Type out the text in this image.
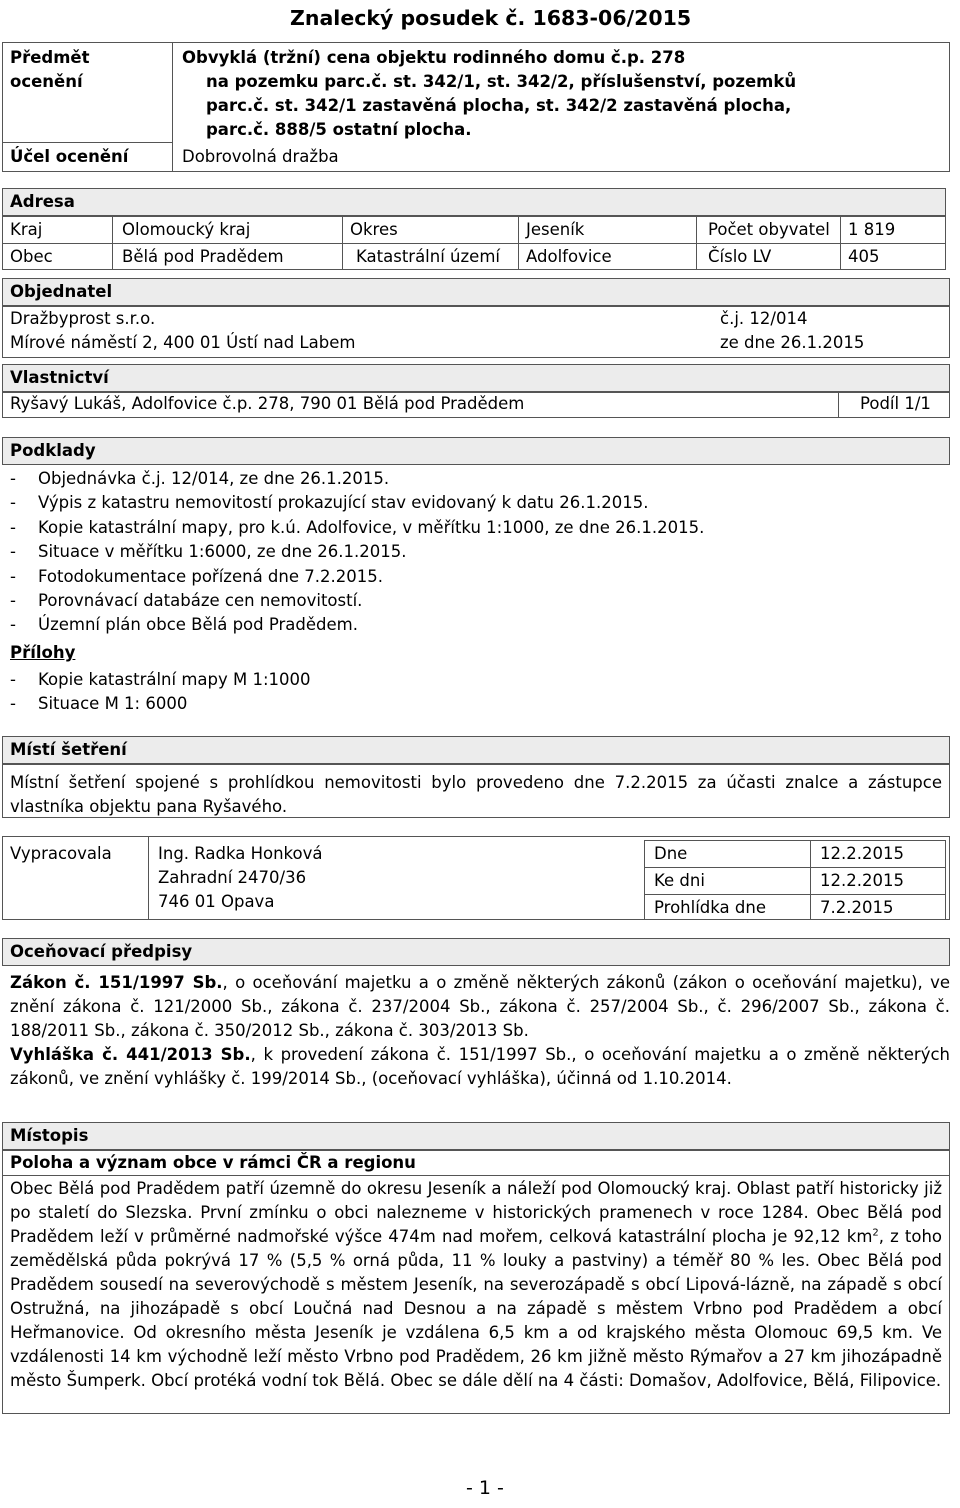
Znalecký posudek č. 1683-06/2015
Předmět ocenění
Obvyklá (tržní) cena objektu rodinného domu č.p. 278
na pozemku parc.č. st. 342/1, st. 342/2, příslušenství, pozemků
parc.č. st. 342/1 zastavěná plocha, st. 342/2 zastavěná plocha,
parc.č. 888/5 ostatní plocha.
Účel ocenění	Dobrovolná dražba
Adresa
Kraj	Olomoucký kraj	Okres	Jeseník	Počet obyvatel 1 819
Obec	Bělá pod Pradědem	Katastrální území Adolfovice	Číslo LV	405
Objednatel
Dražbyprost s.r.o.
Mírové náměstí 2, 400 01 Ústí nad Labem
č.j. 12/014
ze dne 26.1.2015
Vlastnictví
Ryšavý Lukáš, Adolfovice č.p. 278, 790 01 Bělá pod Pradědem	Podíl 1/1
Podklady
- Objednávka č.j. 12/014, ze dne 26.1.2015.
- Výpis z katastru nemovitostí prokazující stav evidovaný k datu 26.1.2015.
- Kopie katastrální mapy, pro k.ú. Adolfovice, v měřítku 1:1000, ze dne 26.1.2015.
- Situace v měřítku 1:6000, ze dne 26.1.2015.
- Fotodokumentace pořízená dne 7.2.2015.
- Porovnávací databáze cen nemovitostí.
- Územní plán obce Bělá pod Pradědem.
Přílohy
- Kopie katastrální mapy M 1:1000
- Situace M 1: 6000
Místí šetření
Místní šetření spojené s prohlídkou nemovitosti bylo provedeno dne 7.2.2015 za účasti znalce a zástupce vlastníka objektu pana Ryšavého.
Vypracovala	Ing. Radka Honková
Zahradní 2470/36
746 01 Opava
Dne	12.2.2015
Ke dni	12.2.2015
Prohlídka dne	7.2.2015
Oceňovací předpisy

Zákon č. 151/1997 Sb., o oceňování majetku a o změně některých zákonů (zákon o oceňování majetku), ve znění zákona č. 121/2000 Sb., zákona č. 237/2004 Sb., zákona č. 257/2004 Sb., č. 296/2007 Sb., zákona č. 188/2011 Sb., zákona č. 350/2012 Sb., zákona č. 303/2013 Sb.

Vyhláška č. 441/2013 Sb., k provedení zákona č. 151/1997 Sb., o oceňování majetku a o změně některých zákonů, ve znění vyhlášky č. 199/2014 Sb., (oceňovací vyhláška), účinná od 1.10.2014.

Místopis
Poloha a význam obce v rámci ČR a regionu
Obec Bělá pod Pradědem patří územně do okresu Jeseník a náleží pod Olomoucký kraj. Oblast patří historicky již po staletí do Slezska. První zmínku o obci nalezneme v historických pramenech v roce 1284. Obec Bělá pod Pradědem leží v průměrné nadmořské výšce 474m nad mořem, celková katastrální plocha je 92,12 $km^2$, z toho zemědělská půda pokrývá 17 % (5,5 % orná půda, 11 % louky a pastviny) a téměř 80 % les. Obec Bělá pod Pradědem sousedí na severovýchodě s městem Jeseník, na severozápadě s obcí Lipová-lázně, na západě s obcí Ostružná, na jihozápadě s obcí Loučná nad Desnou a na západě s městem Vrbno pod Pradědem a obcí Heřmanovice. Od okresního města Jeseník je vzdálena 6,5 km a od krajského města Olomouc 69,5 km. Ve vzdálenosti 14 km východně leží město Vrbno pod Pradědem, 26 km jižně město Rýmařov a 27 km jihozápadně město Šumperk. Obcí protéká vodní tok Bělá. Obec se dále dělí na 4 části: Domašov, Adolfovice, Bělá, Filipovice.
- 1 -
